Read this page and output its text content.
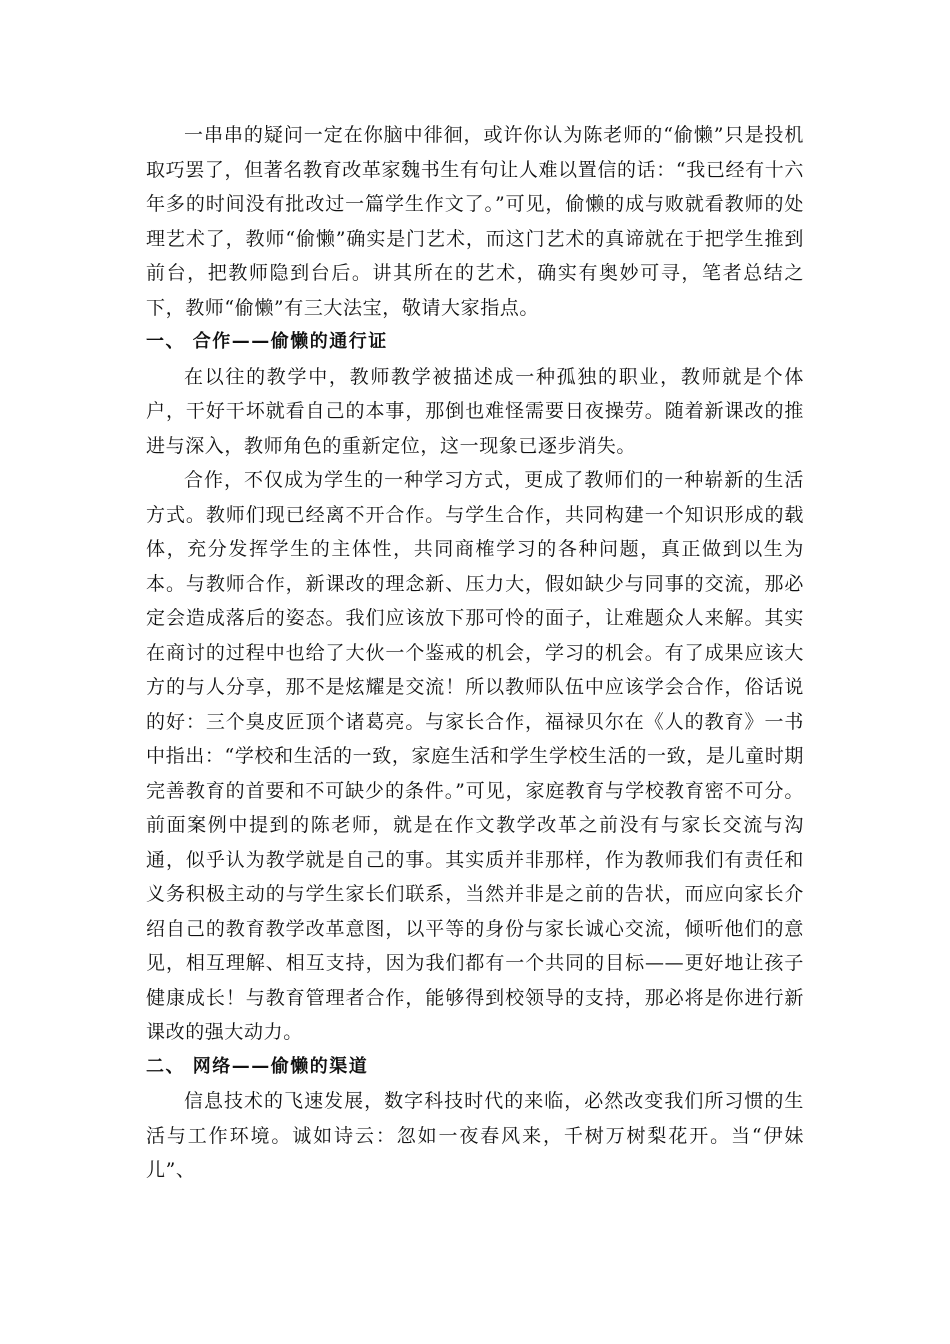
一串串的疑问一定在你脑中徘徊，或许你认为陈老师的“偷懒”只是投机取巧罢了，但著名教育改革家魏书生有句让人难以置信的话：“我已经有十六年多的时间没有批改过一篇学生作文了。”可见，偷懒的成与败就看教师的处理艺术了，教师“偷懒”确实是门艺术，而这门艺术的真谛就在于把学生推到前台，把教师隐到台后。讲其所在的艺术，确实有奥妙可寻，笔者总结之下，教师“偷懒”有三大法宝，敬请大家指点。

一、 合作——偷懒的通行证

在以往的教学中，教师教学被描述成一种孤独的职业，教师就是个体户，干好干坏就看自己的本事，那倒也难怪需要日夜操劳。随着新课改的推进与深入，教师角色的重新定位，这一现象已逐步消失。

合作，不仅成为学生的一种学习方式，更成了教师们的一种崭新的生活方式。教师们现已经离不开合作。与学生合作，共同构建一个知识形成的载体，充分发挥学生的主体性，共同商榷学习的各种问题，真正做到以生为本。与教师合作，新课改的理念新、压力大，假如缺少与同事的交流，那必定会造成落后的姿态。我们应该放下那可怜的面子，让难题众人来解。其实在商讨的过程中也给了大伙一个鉴戒的机会，学习的机会。有了成果应该大方的与人分享，那不是炫耀是交流！所以教师队伍中应该学会合作，俗话说的好：三个臭皮匠顶个诸葛亮。与家长合作，福禄贝尔在《人的教育》一书中指出：“学校和生活的一致，家庭生活和学生学校生活的一致，是儿童时期完善教育的首要和不可缺少的条件。”可见，家庭教育与学校教育密不可分。前面案例中提到的陈老师，就是在作文教学改革之前没有与家长交流与沟通，似乎认为教学就是自己的事。其实质并非那样，作为教师我们有责任和义务积极主动的与学生家长们联系，当然并非是之前的告状，而应向家长介绍自己的教育教学改革意图，以平等的身份与家长诚心交流，倾听他们的意见，相互理解、相互支持，因为我们都有一个共同的目标——更好地让孩子健康成长！与教育管理者合作，能够得到校领导的支持，那必将是你进行新课改的强大动力。

二、 网络——偷懒的渠道

信息技术的飞速发展，数字科技时代的来临，必然改变我们所习惯的生活与工作环境。诚如诗云：忽如一夜春风来，千树万树梨花开。当“伊妹儿”、
